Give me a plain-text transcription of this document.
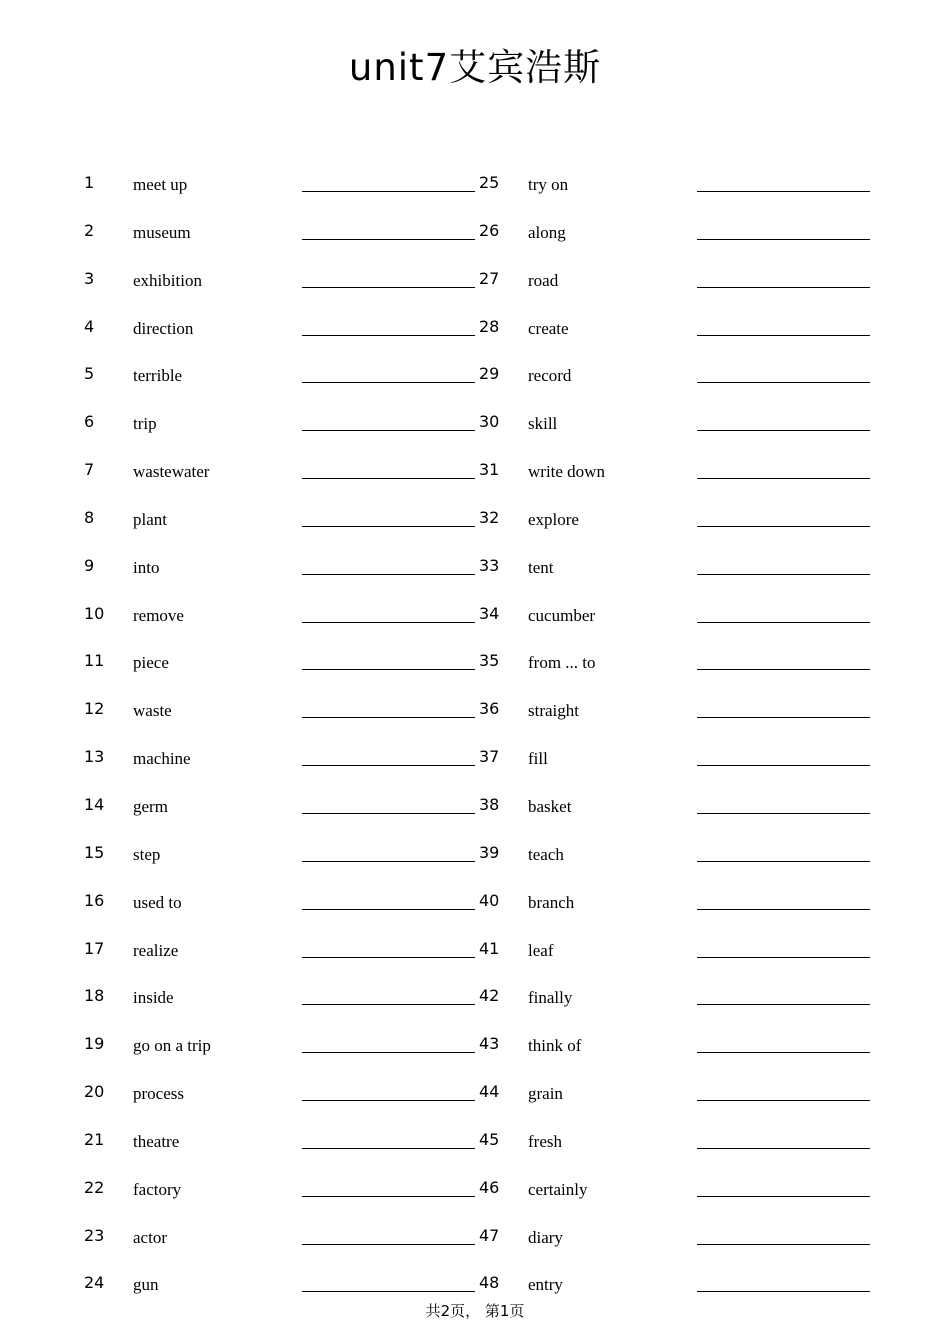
unit7艾宾浩斯
1 meet up	25 try on
2 museum	26 along
3 exhibition	27 road
4 direction	28 create
5 terrible	29 record
6 trip	30 skill
7 wastewater	31 write down
8 plant	32 explore
9 into	33 tent
10 remove	34 cucumber
11 piece	35 from ... to
12 waste	36 straight
13 machine	37 fill
14 germ	38 basket
15 step	39 teach
16 used to	40 branch
17 realize	41 leaf
18 inside	42 finally
19 go on a trip	43 think of
20 process	44 grain
21 theatre	45 fresh
22 factory	46 certainly
23 actor	47 diary
24 gun	48 entry
共2页， 第1页
